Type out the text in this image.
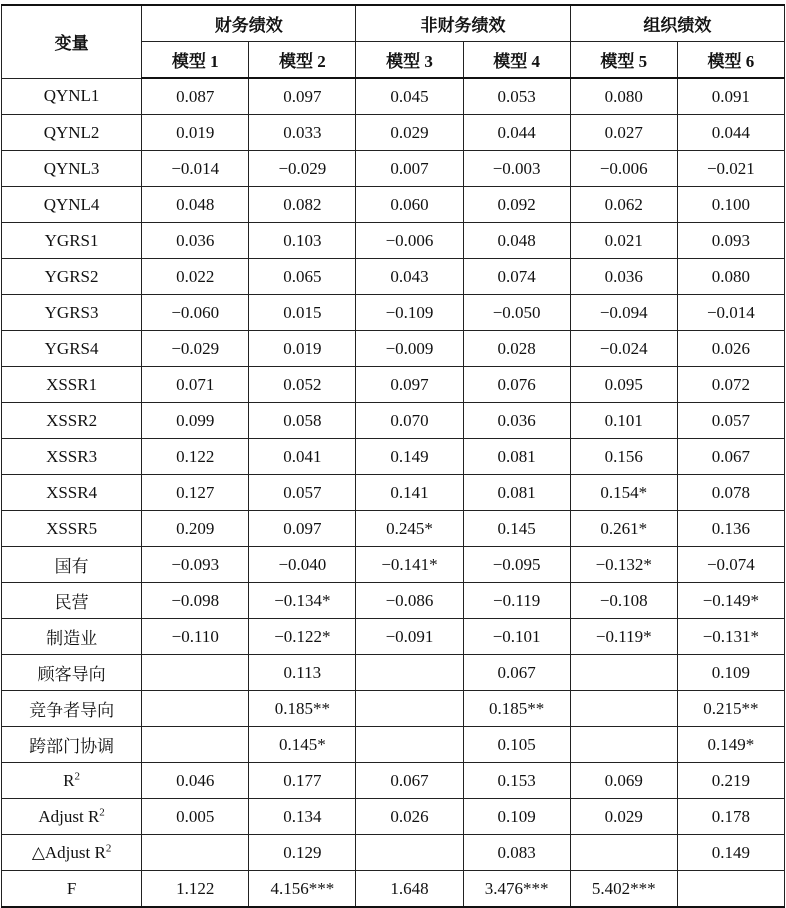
变量	财务绩效		非财务绩效		组织绩效	
	模型 1	模型 2	模型 3	模型 4	模型 5	模型 6
QYNL1	0.087	0.097	0.045	0.053	0.080	0.091
QYNL2	0.019	0.033	0.029	0.044	0.027	0.044
QYNL3	−0.014	−0.029	0.007	−0.003	−0.006	−0.021
QYNL4	0.048	0.082	0.060	0.092	0.062	0.100
YGRS1	0.036	0.103	−0.006	0.048	0.021	0.093
YGRS2	0.022	0.065	0.043	0.074	0.036	0.080
YGRS3	−0.060	0.015	−0.109	−0.050	−0.094	−0.014
YGRS4	−0.029	0.019	−0.009	0.028	−0.024	0.026
XSSR1	0.071	0.052	0.097	0.076	0.095	0.072
XSSR2	0.099	0.058	0.070	0.036	0.101	0.057
XSSR3	0.122	0.041	0.149	0.081	0.156	0.067
XSSR4	0.127	0.057	0.141	0.081	0.154*	0.078
XSSR5	0.209	0.097	0.245*	0.145	0.261*	0.136
国有	−0.093	−0.040	−0.141*	−0.095	−0.132*	−0.074
民营	−0.098	−0.134*	−0.086	−0.119	−0.108	−0.149*
制造业	−0.110	−0.122*	−0.091	−0.101	−0.119*	−0.131*
顾客导向		0.113		0.067		0.109
竞争者导向		0.185**		0.185**		0.215**
跨部门协调		0.145*		0.105		0.149*
$R^2$	0.046	0.177	0.067	0.153	0.069	0.219
Adjust $R^2$	0.005	0.134	0.026	0.109	0.029	0.178
△Adjust $R^2$		0.129		0.083		0.149
F	1.122	4.156***	1.648	3.476***	5.402***	
